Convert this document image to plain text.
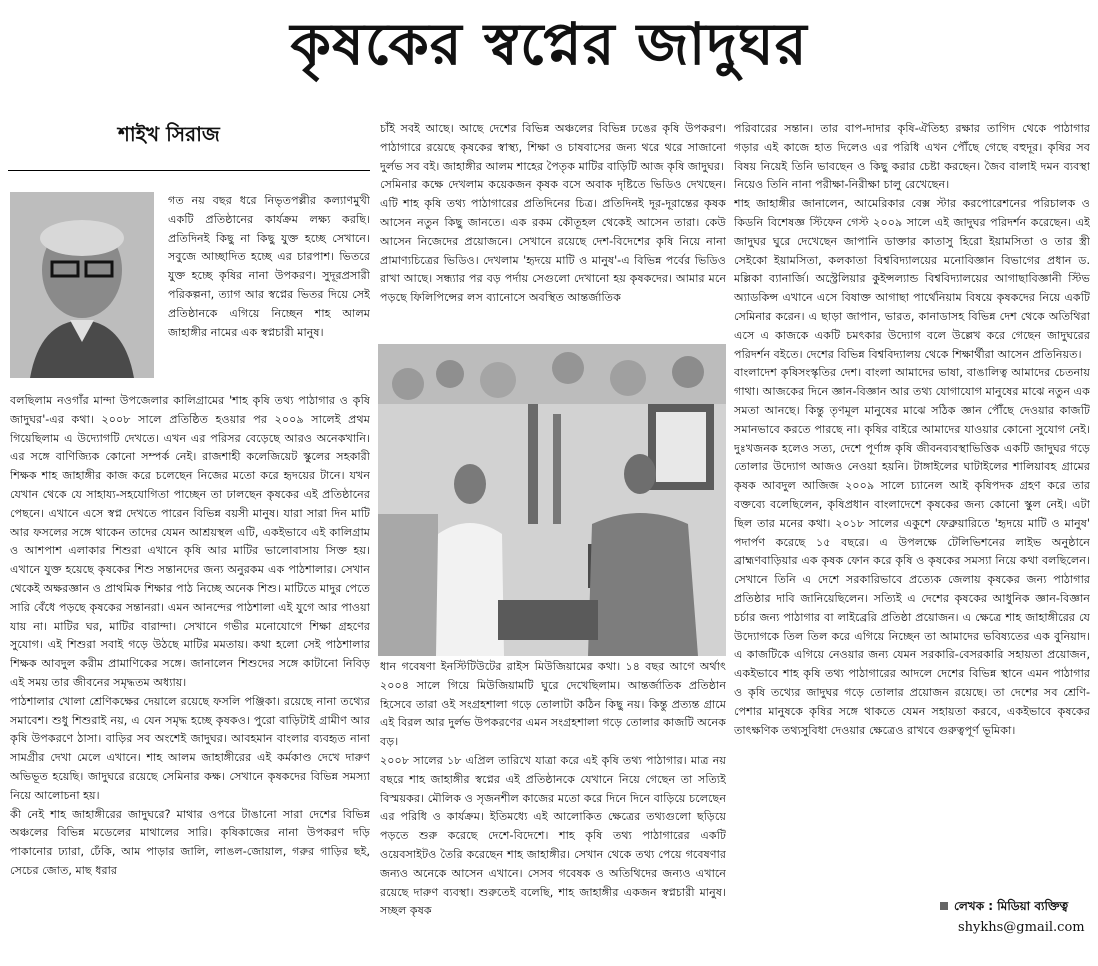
কৃষকের স্বপ্নের জাদুঘর
শাইখ সিরাজ

গত নয় বছর ধরে নিভৃতপল্লীর কল্যাণমুখী একটি প্রতিষ্ঠানের কার্যক্রম লক্ষ্য করছি। প্রতিদিনই কিছু না কিছু যুক্ত হচ্ছে সেখানে। সবুজে আচ্ছাদিত হচ্ছে এর চারপাশ। ভিতরে যুক্ত হচ্ছে কৃষির নানা উপকরণ। সুদূরপ্রসারী পরিকল্পনা, ত্যাগ আর স্বপ্নের ভিতর দিয়ে সেই প্রতিষ্ঠানকে এগিয়ে নিচ্ছেন শাহ আলম জাহাঙ্গীর নামের এক স্বপ্নচারী মানুষ।

বলছিলাম নওগাঁর মান্দা উপজেলার কালিগ্রামের 'শাহ কৃষি তথ্য পাঠাগার ও কৃষি জাদুঘর'-এর কথা। ২০০৮ সালে প্রতিষ্ঠিত হওয়ার পর ২০০৯ সালেই প্রথম গিয়েছিলাম এ উদ্যোগটি দেখতে। এখন এর পরিসর বেড়েছে আরও অনেকখানি। এর সঙ্গে বাণিজ্যিক কোনো সম্পর্ক নেই। রাজশাহী কলেজিয়েট স্কুলের সহকারী শিক্ষক শাহ জাহাঙ্গীর কাজ করে চলেছেন নিজের মতো করে হৃদয়ের টানে। যখন যেখান থেকে যে সাহায্য-সহযোগিতা পাচ্ছেন তা ঢালছেন কৃষকের এই প্রতিষ্ঠানের পেছনে। এখানে এসে স্বপ্ন দেখতে পারেন বিভিন্ন বয়সী মানুষ। যারা সারা দিন মাটি আর ফসলের সঙ্গে থাকেন তাদের যেমন আশ্রয়স্থল এটি, একইভাবে এই কালিগ্রাম ও আশপাশ এলাকার শিশুরা এখানে কৃষি আর মাটির ভালোবাসায় সিক্ত হয়। এখানে যুক্ত হয়েছে কৃষকের শিশু সন্তানদের জন্য অনুরকম এক পাঠশালার। সেখান থেকেই অক্ষরজ্ঞান ও প্রাথমিক শিক্ষার পাঠ নিচ্ছে অনেক শিশু। মাটিতে মাদুর পেতে সারি বেঁধে পড়ছে কৃষকের সন্তানরা। এমন আনন্দের পাঠশালা এই যুগে আর পাওয়া যায় না। মাটির ঘর, মাটির বারান্দা। সেখানে গভীর মনোযোগে শিক্ষা গ্রহণের সুযোগ। এই শিশুরা সবাই গড়ে উঠছে মাটির মমতায়। কথা হলো সেই পাঠশালার শিক্ষক আবদুল করীম প্রামাণিকের সঙ্গে। জানালেন শিশুদের সঙ্গে কাটানো নিবিড় এই সময় তার জীবনের সমৃদ্ধতম অধ্যায়।

পাঠশালার খোলা শ্রেণিকক্ষের দেয়ালে রয়েছে ফসলি পঞ্জিকা। রয়েছে নানা তথ্যের সমাবেশ। শুধু শিশুরাই নয়, এ যেন সমৃদ্ধ হচ্ছে কৃষকও। পুরো বাড়িটাই গ্রামীণ আর কৃষি উপকরণে ঠাসা। বাড়ির সব অংশেই জাদুঘর। আবহমান বাংলার ব্যবহৃত নানা সামগ্রীর দেখা মেলে এখানে। শাহ আলম জাহাঙ্গীরের এই কর্মকাণ্ড দেখে দারুণ অভিভূত হয়েছি। জাদুঘরে রয়েছে সেমিনার কক্ষ। সেখানে কৃষকদের বিভিন্ন সমস্যা নিয়ে আলোচনা হয়।

কী নেই শাহ জাহাঙ্গীরের জাদুঘরে? মাথার ওপরে টাঙানো সারা দেশের বিভিন্ন অঞ্চলের বিভিন্ন মডেলের মাথালের সারি। কৃষিকাজের নানা উপকরণ দড়ি পাকানোর ঢ্যারা, ঢেঁকি, আম পাড়ার জালি, লাঙল-জোয়াল, গরুর গাড়ির ছই, সেচের জোত, মাছ ধরার

চাঁই সবই আছে। আছে দেশের বিভিন্ন অঞ্চলের বিভিন্ন ঢঙের কৃষি উপকরণ। পাঠাগারে রয়েছে কৃষকের স্বাস্থ্য, শিক্ষা ও চাষবাসের জন্য থরে থরে সাজানো দুর্লভ সব বই। জাহাঙ্গীর আলম শাহের পৈতৃক মাটির বাড়িটি আজ কৃষি জাদুঘর।

সেমিনার কক্ষে দেখলাম কয়েকজন কৃষক বসে অবাক দৃষ্টিতে ভিডিও দেখছেন। এটি শাহ কৃষি তথ্য পাঠাগারের প্রতিদিনের চিত্র। প্রতিদিনই দূর-দূরান্তের কৃষক আসেন নতুন কিছু জানতে। এক রকম কৌতূহল থেকেই আসেন তারা। কেউ আসেন নিজেদের প্রয়োজনে। সেখানে রয়েছে দেশ-বিদেশের কৃষি নিয়ে নানা প্রামাণ্যচিত্রের ভিডিও। দেখলাম 'হৃদয়ে মাটি ও মানুষ'-এ বিভিন্ন পর্বের ভিডিও রাখা আছে। সন্ধ্যার পর বড় পর্দায় সেগুলো দেখানো হয় কৃষকদের। আমার মনে পড়ছে ফিলিপিন্সের লস ব্যানোসে অবস্থিত আন্তর্জাতিক

ধান গবেষণা ইনস্টিটিউটের রাইস মিউজিয়ামের কথা। ১৪ বছর আগে অর্থাৎ ২০০৪ সালে গিয়ে মিউজিয়ামটি ঘুরে দেখেছিলাম। আন্তর্জাতিক প্রতিষ্ঠান হিসেবে তারা ওই সংগ্রহশালা গড়ে তোলাটা কঠিন কিছু নয়। কিন্তু প্রত্যন্ত গ্রামে এই বিরল আর দুর্লভ উপকরণের এমন সংগ্রহশালা গড়ে তোলার কাজটি অনেক বড়।

২০০৮ সালের ১৮ এপ্রিল তারিখে যাত্রা করে এই কৃষি তথ্য পাঠাগার। মাত্র নয় বছরে শাহ জাহাঙ্গীর স্বপ্নের এই প্রতিষ্ঠানকে যেখানে নিয়ে গেছেন তা সত্যিই বিস্ময়কর। মৌলিক ও সৃজনশীল কাজের মতো করে দিনে দিনে বাড়িয়ে চলেছেন এর পরিধি ও কার্যক্রম। ইতিমধ্যে এই আলোকিত ক্ষেত্রের তথ্যগুলো ছড়িয়ে পড়তে শুরু করেছে দেশে-বিদেশে। শাহ কৃষি তথ্য পাঠাগারের একটি ওয়েবসাইটও তৈরি করেছেন শাহ জাহাঙ্গীর। সেখান থেকে তথ্য পেয়ে গবেষণার জন্যও অনেকে আসেন এখানে। সেসব গবেষক ও অতিথিদের জন্যও এখানে রয়েছে দারুণ ব্যবস্থা। শুরুতেই বলেছি, শাহ জাহাঙ্গীর একজন স্বপ্নচারী মানুষ। সচ্ছল কৃষক

পরিবারের সন্তান। তার বাপ-দাদার কৃষি-ঐতিহ্য রক্ষার তাগিদ থেকে পাঠাগার গড়ার এই কাজে হাত দিলেও এর পরিধি এখন পৌঁছে গেছে বহুদূর। কৃষির সব বিষয় নিয়েই তিনি ভাবছেন ও কিছু করার চেষ্টা করছেন। জৈব বালাই দমন ব্যবস্থা নিয়েও তিনি নানা পরীক্ষা-নিরীক্ষা চালু রেখেছেন।

শাহ জাহাঙ্গীর জানালেন, আমেরিকার বেক্স স্টার করপোরেশনের পরিচালক ও কিডনি বিশেষজ্ঞ স্টিফেন গেস্ট ২০০৯ সালে এই জাদুঘর পরিদর্শন করেছেন। এই জাদুঘর ঘুরে দেখেছেন জাপানি ডাক্তার কাতাসু হিরো ইয়ামসিতা ও তার স্ত্রী সেইকো ইয়ামসিতা, কলকাতা বিশ্ববিদ্যালয়ের মনোবিজ্ঞান বিভাগের প্রধান ড. মল্লিকা ব্যানার্জি। অস্ট্রেলিয়ার কুইন্সল্যান্ড বিশ্ববিদ্যালয়ের আগাছাবিজ্ঞানী স্টিভ অ্যাডকিন্স এখানে এসে বিষাক্ত আগাছা পার্থেনিয়াম বিষয়ে কৃষকদের নিয়ে একটি সেমিনার করেন। এ ছাড়া জাপান, ভারত, কানাডাসহ বিভিন্ন দেশ থেকে অতিথিরা এসে এ কাজকে একটি চমৎকার উদ্যোগ বলে উল্লেখ করে গেছেন জাদুঘরের পরিদর্শন বইতে। দেশের বিভিন্ন বিশ্ববিদ্যালয় থেকে শিক্ষার্থীরা আসেন প্রতিনিয়ত।

বাংলাদেশ কৃষিসংস্কৃতির দেশ। বাংলা আমাদের ভাষা, বাঙালিত্ব আমাদের চেতনায় গাথা। আজকের দিনে জ্ঞান-বিজ্ঞান আর তথ্য যোগাযোগ মানুষের মাঝে নতুন এক সমতা আনছে। কিন্তু তৃণমূল মানুষের মাঝে সঠিক জ্ঞান পৌঁছে দেওয়ার কাজটি সমানভাবে করতে পারছে না। কৃষির বাইরে আমাদের যাওয়ার কোনো সুযোগ নেই। দুঃখজনক হলেও সত্য, দেশে পূর্ণাঙ্গ কৃষি জীবনব্যবস্থাভিত্তিক একটি জাদুঘর গড়ে তোলার উদ্যোগ আজও নেওয়া হয়নি। টাঙ্গাইলের ঘাটাইলের শালিয়াবহ গ্রামের কৃষক আবদুল আজিজ ২০০৯ সালে চ্যানেল আই কৃষিপদক গ্রহণ করে তার বক্তব্যে বলেছিলেন, কৃষিপ্রধান বাংলাদেশে কৃষকের জন্য কোনো স্কুল নেই। এটা ছিল তার মনের কথা। ২০১৮ সালের একুশে ফেব্রুয়ারিতে 'হৃদয়ে মাটি ও মানুষ' পদার্পণ করেছে ১৫ বছরে। এ উপলক্ষে টেলিভিশনের লাইভ অনুষ্ঠানে ব্রাহ্মণবাড়িয়ার এক কৃষক ফোন করে কৃষি ও কৃষকের সমস্যা নিয়ে কথা বলছিলেন। সেখানে তিনি এ দেশে সরকারিভাবে প্রত্যেক জেলায় কৃষকের জন্য পাঠাগার প্রতিষ্ঠার দাবি জানিয়েছিলেন। সত্যিই এ দেশের কৃষকের আধুনিক জ্ঞান-বিজ্ঞান চর্চার জন্য পাঠাগার বা লাইব্রেরি প্রতিষ্ঠা প্রয়োজন। এ ক্ষেত্রে শাহ জাহাঙ্গীরের যে উদ্যোগকে তিল তিল করে এগিয়ে নিচ্ছেন তা আমাদের ভবিষ্যতের এক বুনিয়াদ। এ কাজটিকে এগিয়ে নেওয়ার জন্য যেমন সরকারি-বেসরকারি সহায়তা প্রয়োজন, একইভাবে শাহ কৃষি তথ্য পাঠাগারের আদলে দেশের বিভিন্ন স্থানে এমন পাঠাগার ও কৃষি তথ্যের জাদুঘর গড়ে তোলার প্রয়োজন রয়েছে। তা দেশের সব শ্রেণি-পেশার মানুষকে কৃষির সঙ্গে থাকতে যেমন সহায়তা করবে, একইভাবে কৃষকের তাৎক্ষণিক তথ্যসুবিধা দেওয়ার ক্ষেত্রেও রাখবে গুরুত্বপূর্ণ ভূমিকা।

লেখক : মিডিয়া ব্যক্তিত্ব
shykhs@gmail.com
